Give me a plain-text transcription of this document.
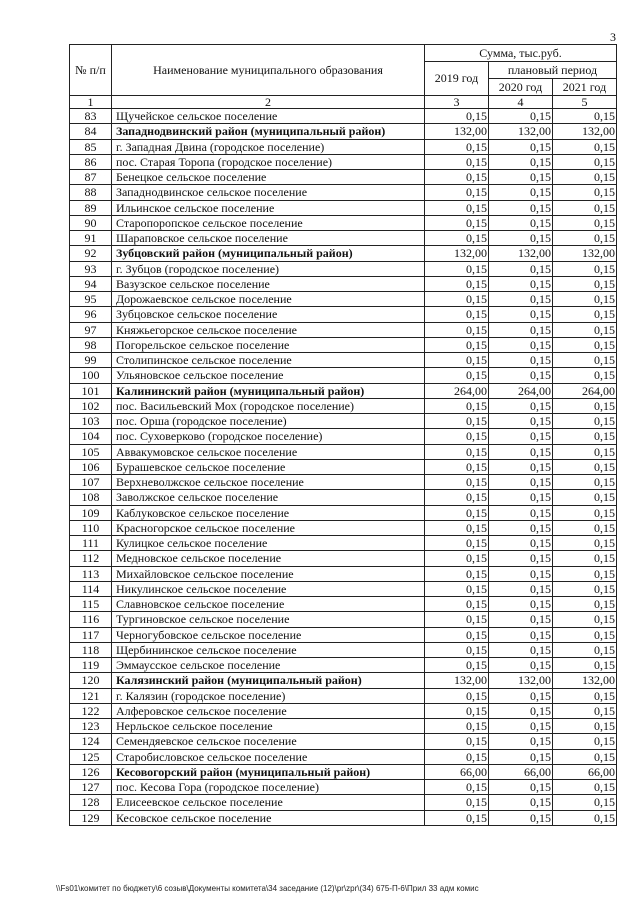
3
№ п/п	Наименование муниципального образования	Сумма, тыс.руб.		
		2019 год	плановый период	
			2020 год	2021 год
1	2	3	4	5
83	Щучейское сельское поселение	0,15	0,15	0,15
84	Западнодвинский район (муниципальный район)	132,00	132,00	132,00
85	г. Западная Двина (городское поселение)	0,15	0,15	0,15
86	пос. Старая Торопа (городское поселение)	0,15	0,15	0,15
87	Бенецкое сельское поселение	0,15	0,15	0,15
88	Западнодвинское сельское поселение	0,15	0,15	0,15
89	Ильинское сельское поселение	0,15	0,15	0,15
90	Старопоропское сельское поселение	0,15	0,15	0,15
91	Шараповское сельское поселение	0,15	0,15	0,15
92	Зубцовский район (муниципальный район)	132,00	132,00	132,00
93	г. Зубцов (городское поселение)	0,15	0,15	0,15
94	Вазузское сельское поселение	0,15	0,15	0,15
95	Дорожаевское сельское поселение	0,15	0,15	0,15
96	Зубцовское сельское поселение	0,15	0,15	0,15
97	Княжьегорское сельское поселение	0,15	0,15	0,15
98	Погорельское сельское поселение	0,15	0,15	0,15
99	Столипинское сельское поселение	0,15	0,15	0,15
100	Ульяновское сельское поселение	0,15	0,15	0,15
101	Калининский район (муниципальный район)	264,00	264,00	264,00
102	пос. Васильевский Мох (городское поселение)	0,15	0,15	0,15
103	пос. Орша (городское поселение)	0,15	0,15	0,15
104	пос. Суховерково (городское поселение)	0,15	0,15	0,15
105	Аввакумовское сельское поселение	0,15	0,15	0,15
106	Бурашевское сельское поселение	0,15	0,15	0,15
107	Верхневолжское сельское поселение	0,15	0,15	0,15
108	Заволжское сельское поселение	0,15	0,15	0,15
109	Каблуковское сельское поселение	0,15	0,15	0,15
110	Красногорское сельское поселение	0,15	0,15	0,15
111	Кулицкое сельское поселение	0,15	0,15	0,15
112	Медновское сельское поселение	0,15	0,15	0,15
113	Михайловское сельское поселение	0,15	0,15	0,15
114	Никулинское сельское поселение	0,15	0,15	0,15
115	Славновское сельское поселение	0,15	0,15	0,15
116	Тургиновское сельское поселение	0,15	0,15	0,15
117	Черногубовское сельское поселение	0,15	0,15	0,15
118	Щербининское сельское поселение	0,15	0,15	0,15
119	Эммаусское сельское поселение	0,15	0,15	0,15
120	Калязинский район (муниципальный район)	132,00	132,00	132,00
121	г. Калязин (городское поселение)	0,15	0,15	0,15
122	Алферовское сельское поселение	0,15	0,15	0,15
123	Нерльское сельское поселение	0,15	0,15	0,15
124	Семендяевское сельское поселение	0,15	0,15	0,15
125	Старобисловское сельское поселение	0,15	0,15	0,15
126	Кесовогорский район (муниципальный район)	66,00	66,00	66,00
127	пос. Кесова Гора (городское поселение)	0,15	0,15	0,15
128	Елисеевское сельское поселение	0,15	0,15	0,15
129	Кесовское сельское поселение	0,15	0,15	0,15
\\Fs01\комитет по бюджету\6 созыв\Документы комитета\34 заседание (12)\pr\zpr\(34) 675-П-6\Прил 33 адм комис
